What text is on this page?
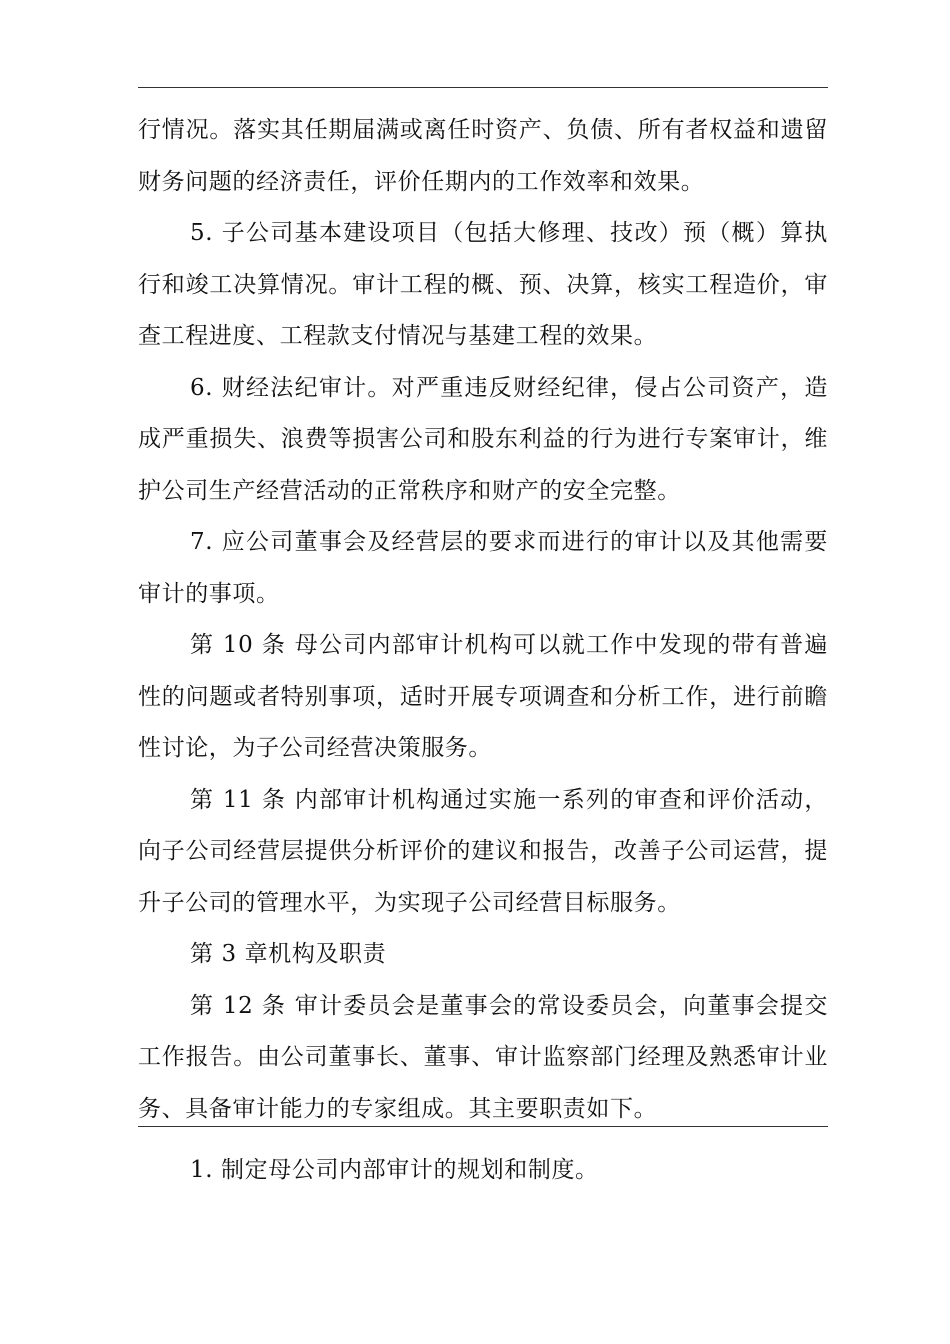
行情况。落实其任期届满或离任时资产、负债、所有者权益和遗留财务问题的经济责任，评价任期内的工作效率和效果。

5. 子公司基本建设项目（包括大修理、技改）预（概）算执行和竣工决算情况。审计工程的概、预、决算，核实工程造价，审查工程进度、工程款支付情况与基建工程的效果。

6. 财经法纪审计。对严重违反财经纪律，侵占公司资产，造成严重损失、浪费等损害公司和股东利益的行为进行专案审计，维护公司生产经营活动的正常秩序和财产的安全完整。

7. 应公司董事会及经营层的要求而进行的审计以及其他需要审计的事项。

第 10 条 母公司内部审计机构可以就工作中发现的带有普遍性的问题或者特别事项，适时开展专项调查和分析工作，进行前瞻性讨论，为子公司经营决策服务。

第 11 条 内部审计机构通过实施一系列的审查和评价活动，向子公司经营层提供分析评价的建议和报告，改善子公司运营，提升子公司的管理水平，为实现子公司经营目标服务。

第 3 章机构及职责

第 12 条 审计委员会是董事会的常设委员会，向董事会提交工作报告。由公司董事长、董事、审计监察部门经理及熟悉审计业务、具备审计能力的专家组成。其主要职责如下。

1. 制定母公司内部审计的规划和制度。
